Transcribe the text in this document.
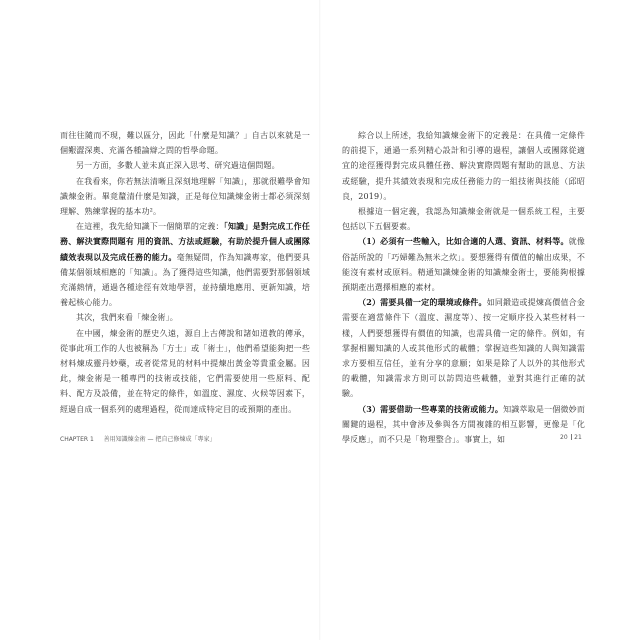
而往往隨而不現，難以區分，因此「什麼是知識？」自古以來就是一個艱澀深奧、充滿各種論辯之問的哲學命題。

另一方面，多數人並未真正深入思考、研究過這個問題。

在我看來，你若無法清晰且深刻地理解「知識」，那就很難學會知識煉金術。畢竟釐清什麼是知識，正是每位知識煉金術士都必須深刻理解、熟練掌握的基本功²。

在這裡，我先給知識下一個簡單的定義：「知識」是對完成工作任務、解決實際問題有 用的資訊、方法或經驗，有助於提升個人或團隊績效表現以及完成任務的能力。毫無疑問，作為知識專家，他們要具備某個領域相應的「知識」。為了獲得這些知識，他們需要對那個領域充滿熱情，通過各種途徑有效地學習，並持續地應用、更新知識，培養起核心能力。

其次，我們來看「煉金術」。

在中國，煉金術的歷史久遠，源自上古傳說和諸如道教的傳承，從事此項工作的人也被稱為「方士」或「術士」，他們希望能夠把一些材料煉成靈丹妙藥，或者從常見的材料中提煉出黃金等貴重金屬。因此，煉金術是一種專門的技術或技能，它們需要使用一些原料、配料、配方及設備，並在特定的條件，如溫度、濕度、火候等因素下，經過自成一個系列的處理過程，從而達成特定目的或預期的產出。

綜合以上所述，我給知識煉金術下的定義是：在具備一定條件的前提下，通過一系列精心設計和引導的過程，讓個人或團隊從適宜的途徑獲得對完成具體任務、解決實際問題有幫助的訊息、方法或經驗，提升其績效表現和完成任務能力的一組技術與技能（邱昭良，2019）。

根據這一個定義，我認為知識煉金術就是一個系統工程，主要包括以下五個要素。

（1）必須有一些輸入，比如合適的人選、資訊、材料等。就像俗話所說的「巧婦難為無米之炊」。要想獲得有價值的輸出成果，不能沒有素材或原料。精通知識煉金術的知識煉金術士，要能夠根據預期產出選擇相應的素材。

（2）需要具備一定的環境或條件。如同鍛造或提煉高價值合金需要在適當條件下（溫度、濕度等）、按一定順序投入某些材料一樣，人們要想獲得有價值的知識，也需具備一定的條件。例如，有掌握相關知識的人或其他形式的載體；掌握這些知識的人與知識需求方要相互信任，並有分享的意願；如果是除了人以外的其他形式的載體，知識需求方則可以訪問這些載體，並對其進行正確的試驗。

（3）需要借助一些專業的技術或能力。知識萃取是一個微妙而關鍵的過程，其中會涉及參與各方間複雜的相互影響，更像是「化學反應」，而不只是「物理整合」。事實上，如

CHAPTER 1 善用知識煉金術 — 把自己修煉成「專家」	20 21
